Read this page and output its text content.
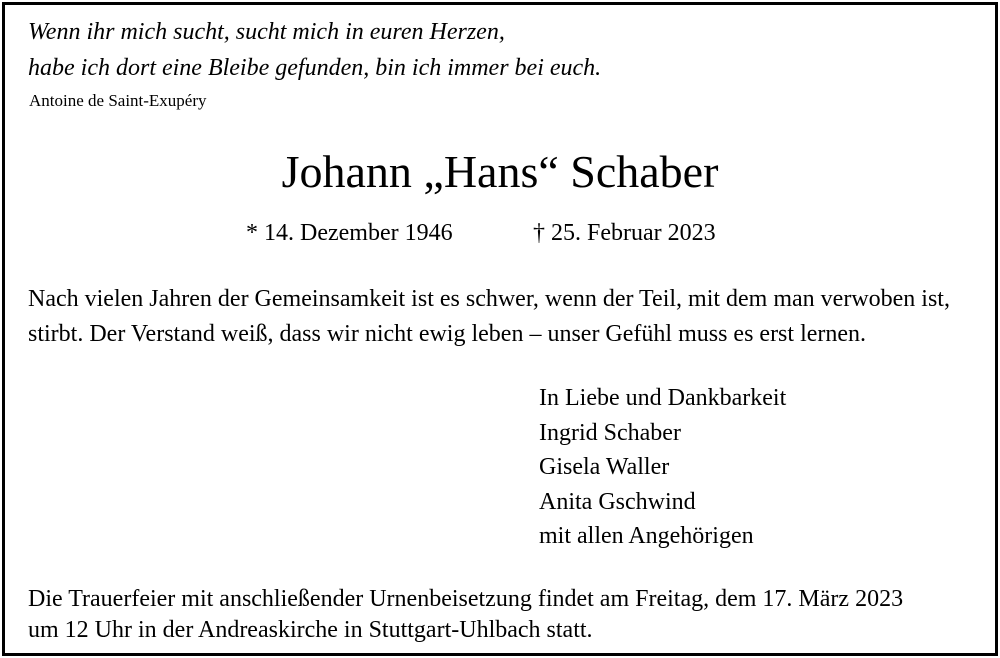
Wenn ihr mich sucht, sucht mich in euren Herzen,
habe ich dort eine Bleibe gefunden, bin ich immer bei euch.
Antoine de Saint-Exupéry
Johann „Hans“ Schaber
* 14. Dezember 1946	† 25. Februar 2023
Nach vielen Jahren der Gemeinsamkeit ist es schwer, wenn der Teil, mit dem man verwoben ist, stirbt. Der Verstand weiß, dass wir nicht ewig leben – unser Gefühl muss es erst lernen.
In Liebe und Dankbarkeit
Ingrid Schaber
Gisela Waller
Anita Gschwind
mit allen Angehörigen
Die Trauerfeier mit anschließender Urnenbeisetzung findet am Freitag, dem 17. März 2023
um 12 Uhr in der Andreaskirche in Stuttgart-Uhlbach statt.
